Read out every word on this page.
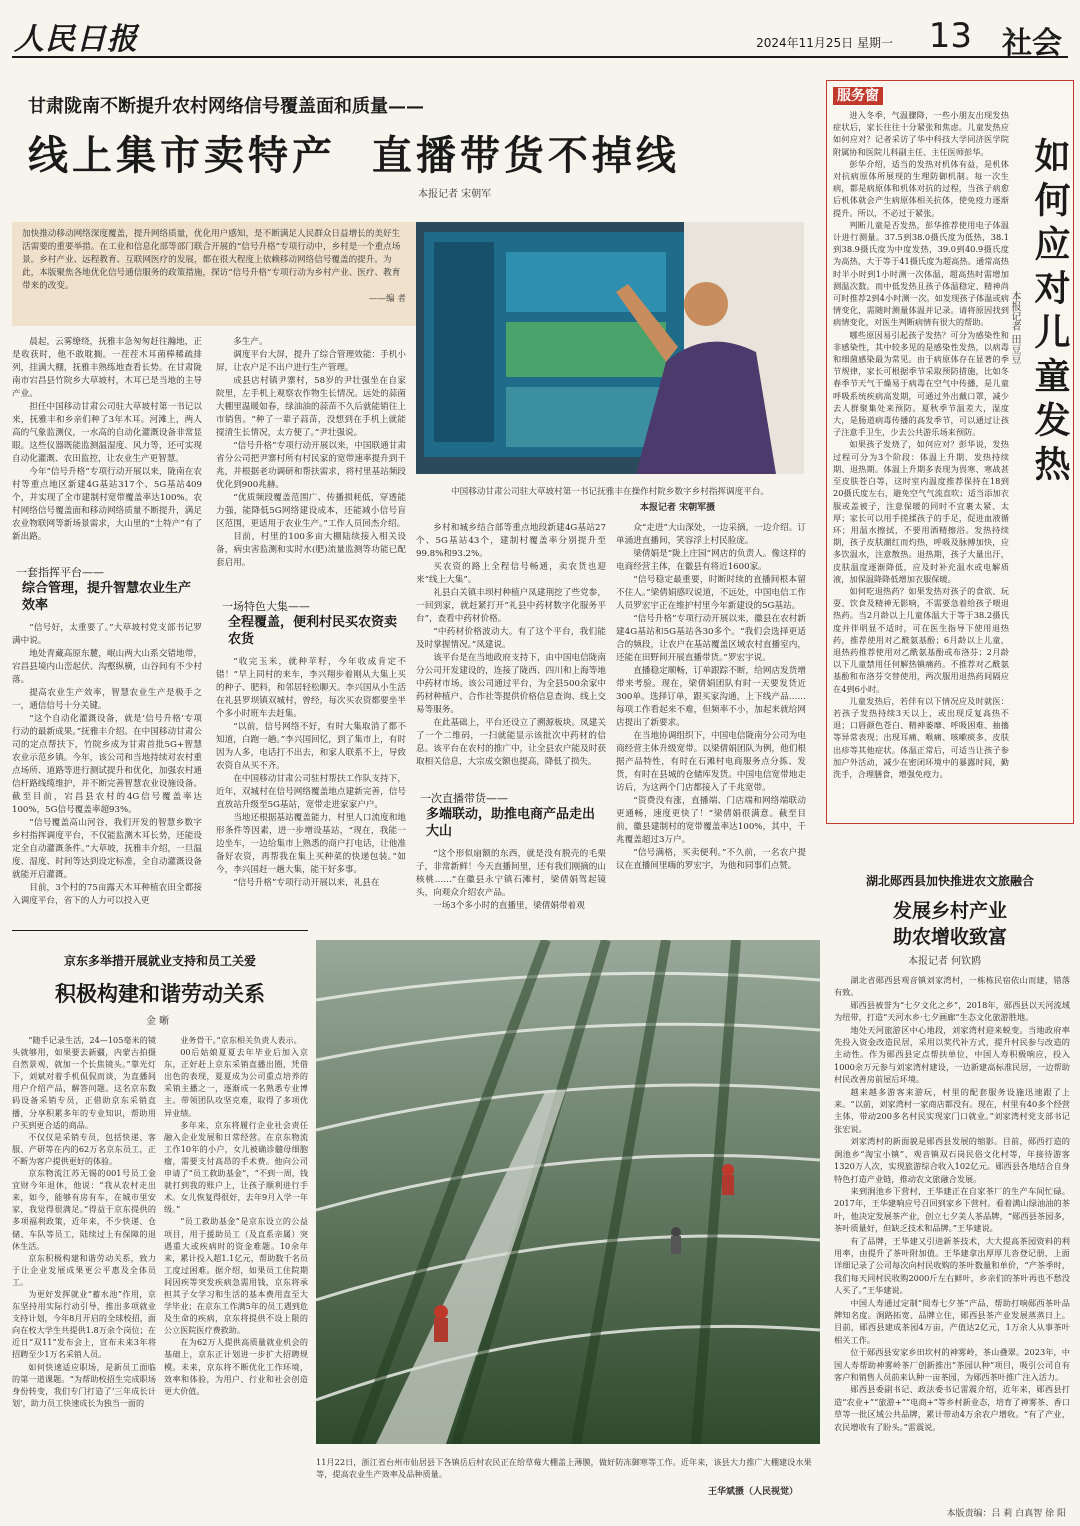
人民日报	2024年11月25日 星期一 13 社会
甘肃陇南不断提升农村网络信号覆盖面和质量——
线上集市卖特产  直播带货不掉线
本报记者 宋朝军
加快推动移动网络深度覆盖，提升网络质量，优化用户感知，是不断满足人民群众日益增长的美好生活需要的重要举措。在工业和信息化部等部门联合开展的“信号升格”专项行动中，乡村是一个重点场景。乡村产业、远程教育、互联网医疗的发展，都在很大程度上依赖移动网络信号覆盖的提升。为此，本版聚焦各地优化信号通信服务的政策措施，探访“信号升格”专项行动为乡村产业、医疗、教育带来的改变。
——编 者
中国移动甘肃公司驻大草坡村第一书记抚雅丰在操作村院乡数字乡村指挥调度平台。
本报记者 宋朝军摄

晨起，云雾缭绕，抚雅丰急匆匆赶往瀚地，正是收获时，他不敢耽搁。一茬茬木耳菌棒稀疏排列，挂满大棚，抚雅丰熟练地查看长势。在甘肃陇南市宕昌县竹院乡大草坡村，木耳已是当地的主导产业。

担任中国移动甘肃公司驻大草坡村第一书记以来，抚雅丰和乡亲们种了3年木耳。河滩上，两人高的气象监测仪，一水高的自动化灌溉设备非常显眼。这些仪器既能监测温湿度、风力等，还可实现自动化灌溉、农田监控，让农业生产更智慧。

今年“信号升格”专项行动开展以来，陇南在农村等重点地区新建4G基站317个、5G基站409个，并实现了全市建制村宽带覆盖率达100%。农村网络信号覆盖面和移动网络质量不断提升，满足农业物联网等新场景需求，大山里的“土特产”有了新出路。

一套指挥平台——
综合管理，提升智慧农业生产效率

“信号好，太重要了。”大草坡村党支部书记罗满中说。

地处青藏高原东麓，岷山两大山系交错地带，宕昌县境内山峦起伏、沟壑纵横，山谷间有不少村落。

提高农业生产效率，智慧农业生产是极手之一，通信信号十分关键。

“这个自动化灌溉设备，就是‘信号升格’专项行动的最新成果。”抚雅丰介绍。在中国移动甘肃公司的定点帮扶下，竹院乡成为甘肃首批5G+智慧农业示范乡镇。今年，该公司和当地持续对农村重点场所、道路等进行测试提升和优化，加强农村通信杆路线缆维护，并不断完善智慧农业设施设备。截至目前，宕昌县农村的4G信号覆盖率达100%，5G信号覆盖率超93%。

“信号覆盖高山河谷，我们开发的智慧乡数字乡村指挥调度平台，不仅能监测木耳长势，还能设定全自动灌溉条件。”大草坡，抚雅丰介绍，一旦温度、湿度、时间等达到设定标准，全自动灌溉设备就能开启灌溉。

目前，3个村的75亩露天木耳种植农田全都接入调度平台，省下的人力可以投入更

多生产。

调度平台大屏，提升了综合管理效能：手机小屏，让农户足不出户进行生产管理。

成县店村镇尹寨村，58岁的尹壮强坐在自家院里，左手机上观察农作物生长情况。远处的蒜菌大棚里温暖如春，绿油油的蒜苗不久后就能销往上市销售。“种了一辈子蒜苗，没想到在手机上就能搅清生长情况，太方便了。”尹壮强说。

“信号升格”专项行动开展以来，中国联通甘肃省分公司把尹寨村所有村民家的宽带速率提升到千兆，并根据老功调研和帮扶需求，将村里基站频段优化到900兆赫。

“优质频段覆盖范围广、传播损耗低，穿透能力强，能降低5G网络建设成本，还能减小信号盲区范围，更适用于农业生产。”工作人员回杰介绍。

目前，村里的100多亩大棚陆续接入相关设备，病虫害监测和实时水(肥)流量监测等功能已配套启用。

一场特色大集——
全程覆盖，便利村民买农资卖农货

“收完玉米，就种苹籽，今年收成肯定不错！”早上同村的来车，李兴翔步着刚从大集上买的种子、肥料，和邻居轻松聊天。李兴国从小生活在礼县罗坝镇双城村，曾经，每次买农资都要坐半个多小时班车去赶集。

“以前，信号网络不好，有时大集取消了都不知道，白跑一趟。”李兴国回忆，到了集市上，有时因为人多，电话打不出去，和家人联系不上，导致农资自从买不齐。

在中国移动甘肃公司驻村帮扶工作队支持下，近年，双城村在信号网络覆盖地点建新完善，信号直放站升级至5G基站，宽带走进家家户户。

当地还根据基站覆盖能力，村里人口流度和地形条件等因素，进一步增设基站，“现在，我能一边坐车，一边给集市上熟悉的商户打电话，让他准备好农资，再帮我在集上买种菜的快递包装。”如今，李兴国赶一趟大集，能干好多事。

“信号升格”专项行动开展以来，礼县在

乡村和城乡结合部等重点地段新建4G基站27个、5G基站43个，建制村覆盖率分别提升至99.8%和93.2%。

买农资的路上全程信号畅通，卖农货也迎来“线上大集”。

礼县白关镇丰坝村种植户凤建荆挖了些党参，一回到家，就赶紧打开“礼县中药材数字化服务平台”，查看中药材价格。

“中药材价格波动大。有了这个平台，我们能及时掌握情况。”凤建说。

该平台是在当地政府支持下，由中国电信陇南分公司开发建设的，连接了陇西、四川和上海等地中药材市场。该公司通过平台，为全县500余家中药材种植户、合作社等提供价格信息查询、线上交易等服务。

在此基础上，平台还设立了溯源板块。凤建关了一个二维码，一扫就能显示该批次中药材的信息。该平台在农村的推广中，让全县农户能及时获取相关信息，大宗成交额也提高，降低了损失。

一次直播带货——
多端联动，助推电商产品走出大山

“这个形似扇额的东西，就是没有脱壳的毛栗子，非常新鲜！今天直播间里，还有我们刚摘的山核桃……”在徽县永宁镇石滩村，梁倩娟驾起镜头，向观众介绍农产品。

一场3个多小时的直播里，梁倩娟带着观

众“走进”大山深处，一边采摘，一边介绍。订单涌进直播间，笑容浮上村民脸庞。

梁倩娟是“陇上庄园”网店的负责人。像这样的电商经营主体，在徽县有将近1600家。

“信号稳定最重要，时断时续的直播间根本留不住人。”梁倩娟感叹说道，不远处，中国电信工作人员罗宏宇正在维护村里今年新建设的5G基站。

“信号升格”专项行动开展以来，徽县在农村新建4G基站和5G基站各30多个。“我们会选择更适合的频段，让农户在基站覆盖区域农村直播室内，还能在田野间开展直播带货。”罗宏宇说。

直播稳定顺畅，订单跟踪不断，给网店发货增带来考验。现在，梁倩娟团队有时一天要发货近300单。选择订单，跟买家沟通，上下线产品……每项工作看起来不难，但频率不小，加起来就给网店提出了新要求。

在当地协调组织下，中国电信陇南分公司为电商经营主体升级宽带。以梁倩娟团队为例，他们根据产品特性，有时在石滩村电商服务点分拣、发货，有时在县城的仓储库发货。中国电信宽带地走访后，为这两个门店都接入了千兆宽带。

“资费没有涨，直播端、门店端和网络端联动更通畅，速度更快了！”梁倩娟很满意。截至目前，徽县建制村的宽带覆盖率达100%，其中，千兆覆盖超过3万户。

“信号满格，买卖便利。”不久前，一名农户提议在直播间里嗨的罗宏宇，为他和同事们点赞。

服务窗

进入冬季，气温骤降，一些小朋友出现发热症状后，家长往往十分紧张和焦虑。儿童发热应如何应对？记者采访了华中科技大学同济医学院附属协和医院儿科副主任、主任医师彭华。

彭华介绍，适当的发热对机体有益，是机体对抗病原体所展现的生理防御机制。每一次生病，都是病原体和机体对抗的过程，当孩子病愈后机体就会产生病原体相关抗体，使免疫力逐渐提升。所以，不必过于紧张。

判断儿童是否发热，彭华推荐使用电子体温计进行测量。37.5到38.0摄氏度为低热，38.1到38.9摄氏度为中度发热，39.0到40.9摄氏度为高热，大于等于41摄氏度为超高热。通常高热时半小时到1小时测一次体温，超高热时需增加测温次数。而中低发热且孩子体温稳定、精神尚可时推荐2到4小时测一次。如发现孩子体温或病情变化，需随时测量体温并记录。请将原因找到病情变化，对医生判断病情有很大的帮助。

哪些原因易引起孩子发热？可分为感染性和非感染性，其中较多见的是感染性发热，以病毒和细菌感染最为常见。由于病原体存在显著的季节规律，家长可根据季节采取预防措施，比如冬春季节天气干燥易于病毒在空气中传播，是儿童呼吸系统疾病高发期，可通过外出戴口罩，减少去人群聚集处来预防。夏秋季节温差大，湿度大，是肠道病毒传播的高发季节，可以通过让孩子注意手卫生，少去公共游乐场来预防。

如果孩子发烧了，如何应对？彭华说，发热过程可分为3个阶段：体温上升期、发热持续期、退热期。体温上升期多表现为畏寒、寒战甚至皮肤苍白等，这时室内温度推荐保持在18到20摄氏度左右，避免空气气流直吹；适当添加衣服或盖被子，注意保暖的同时不宜裹太紧、太厚；家长可以用手搓揉孩子的手足，促进血液循环；用温水擦拭，不要用酒精擦浴。发热持续期，孩子皮肤潮红而灼热，呼吸及脉搏加快，应多饮温水，注意散热。退热期，孩子大量出汗，皮肤温度逐渐降低，应及时补充温水或电解质液，加保温降降低增加衣服保暖。

如何吃退热药？如果发热对孩子的食欲、玩耍、饮食及精神无影响，不需要急着给孩子喂退热药。当2月龄以上儿童体温大于等于38.2摄氏度并伴明显不适时，可在医生指导下使用退热药，推荐使用对乙酰氨基酚；6月龄以上儿童，退热药推荐使用对乙酰氨基酚或布洛芬；2月龄以下儿童禁用任何解热镇痛药。不推荐对乙酰氨基酚和布洛芬交替使用，两次服用退热药间隔应在4到6小时。

儿童发热后，若伴有以下情况应及时就医：若孩子发热持续3天以上，或出现反复高热不退；口唇颜色苍白、精神萎靡、呼吸困难、抽搐等异常表现；出现耳痛、喉痛、咳嗽痰多、皮肤出疹等其他症状。体温正常后，可适当让孩子参加户外活动，减少在密闭环境中的暴露时间，勤洗手，合理膳食，增强免疫力。

如何应对儿童发热
本报记者 田豆豆
湖北郧西县加快推进农文旅融合
发展乡村产业
助农增收致富
本报记者 何钦鸥

湖北省郧西县观音镇刘家湾村，一栋栋民宿依山而建，错落有致。

郧西县被誉为“七夕文化之乡”，2018年，郧西县以天河流域为纽带，打造“天河水乡·七夕画廊”生态文化旅游胜地。

地处天河旅游区中心地段，刘家湾村迎来蜕变。当地政府率先投入资金改造民居，采用以奖代补方式，提升村民参与改造的主动性。作为郧西县定点帮扶单位，中国人寿积极响应，投入1000余万元参与刘家湾村建设，一边新建高标准民居，一边帮助村民改善房前屋后环境。

越来越多游客来游玩，村里的配套服务设施迅速跟了上来。“以前，刘家湾村一家商店都没有。现在，村里有40多个经营主体，带动200多名村民实现家门口就业。”刘家湾村党支部书记张宏说。

刘家湾村的新面貌是郧西县发展的缩影。目前，郧西打造的涧池乡“淘宝小镇”、观音镇双石岗民俗文化村等，年接待游客1320万人次，实现旅游综合收入102亿元。郧西县各地结合自身特色打造产业链，推动农文旅融合发展。

来到涧池乡下营村，王华建正在自家茶厂的生产车间忙碌。2017年，王华建响应号召回到家乡下营村。看着满山绿油油的茶叶，他决定发展茶产业，创立七夕美人茶品牌，“郧西县茶园多，茶叶质量好，但缺乏技术和品牌。”王华建说。

有了品牌，王华建又引进新茶技术，大大提高茶园资料的利用率，由提升了茶叶附加值。王华建拿出厚厚儿沓登记册，上面详细记录了公司每次向村民收购的茶叶数量和单价，“产茶季时，我们每天同村民收购2000斤左右鲜叶，乡亲们的茶叶再也不愁没人买了。”王华建说。

中国人寿通过定制“阅寿七夕茶”产品，帮助打响郧西茶叶品牌知名度。涧路拓宽、品牌立住，郧西县茶产业发展蒸蒸日上。目前，郧西县建成茶园4万亩，产值达2亿元，1万余人从事茶叶相关工作。

位于郧西县安家乡田坎村的神雾岭，茶山叠翠。2023年，中国人寿帮助神雾岭茶厂创新推出“茶园认种”项目，吸引公司自有客户和销售人员前来认种一亩茶园，为郧西茶叶推广注入活力。

郧西县委副书记、政法委书记雷震介绍，近年来，郧西县打造“农业+”“旅游+”“电商+”等乡村新业态，培育了神雾茶、香口草等一批区域公共品牌，累计带动4万余农户增收。“有了产业，农民增收有了盼头。”雷震说。

京东多举措开展就业支持和员工关爱
积极构建和谐劳动关系
金 晰

“随手记录生活，24—105毫米的镜头就够用，如果要去新疆，内蒙古拍摄自然景观，就加一个长焦镜头。”靠光灯下，刘斌对着手机侃侃而谈，为直播间用户介绍产品，解答问题。这名京东数码设备采销专员，正借助京东采销直播，分享积累多年的专业知识，帮助用户买到更合适的商品。

不仅仅是采销专员，包括快递、客服、产研等在内的62万名京东员工，正不断为客户提供更好的体验。

京东物流江苏无锡的001号员工金宜财今年退休，他说：“我从农村走出来，如今，能够有房有车，在城市里安家，我觉得很满足。”得益于京东提供的多项福利政策，近年来，不少快递、仓储、车队等员工，陆续过上有保障的退休生活。

京东积极构建和谐劳动关系，致力于让企业发展成果更公平惠及全体员工。

为更好发挥就业“蓄水池”作用，京东坚持用实际行动引导，推出多项就业支持计划，今年8月开启的全球校招，面向在校大学生共提供1.8万余个岗位；在近日“双11”发布会上，宣布未来3年将招聘至少1万名采销人员。

如何快速适应职场，是新员工面临的第一道课题。“为帮助校招生完成职场身份转变，我们专门打造了‘三年成长计划’，助力员工快速成长为独当一面的

业务骨干。”京东相关负责人表示。

00后姑娘夏夏去年毕业后加入京东，正好赶上京东采销直播出圈，凭借出色的表现，夏夏成为公司重点培养的采销主播之一，逐渐成一名熟悉专业博主。带领团队攻坚克难，取得了多项优异业绩。

多年来，京东将履行企业社会责任融入企业发展和日常经营。在京东物流工作10年的小户，女儿被确诊髓母细胞瘤，需要支付高昂的手术费。他向公司申请了“员工救助基金”，“不到一周，钱就打到我的账户上，让孩子顺利进行手术。女儿恢复得很好，去年9月入学一年级。”

“员工救助基金”是京东设立的公益项目，用于援助员工（及直系亲属）突遇重大或疾病时的资金难题。10余年来，累计投入超1.1亿元，帮助数千名员工度过困难。据介绍，如果员工住院期间因疾等突发疾病急需用钱，京东将承担其子女学习和生活的基本费用直至大学毕业；在京东工作满5年的员工遇到危及生命的疾病，京东将提供不设上限的公立医院医疗费救助。

在为62万人提供高质量就业机会的基础上，京东正计划进一步扩大招聘规模。未来，京东将不断优化工作环境，效率和体验，为用户、行业和社会创造更大价值。

11月22日，浙江省台州市仙居县下各镇岳后村农民正在给草莓大棚盖上薄膜，做好防冻御寒等工作。近年来，该县大力推广大棚建设水果等，提高农业生产效率及品种质量。
王华斌摄（人民视觉）
本版责编：吕 莉 白真智 徐 阳
